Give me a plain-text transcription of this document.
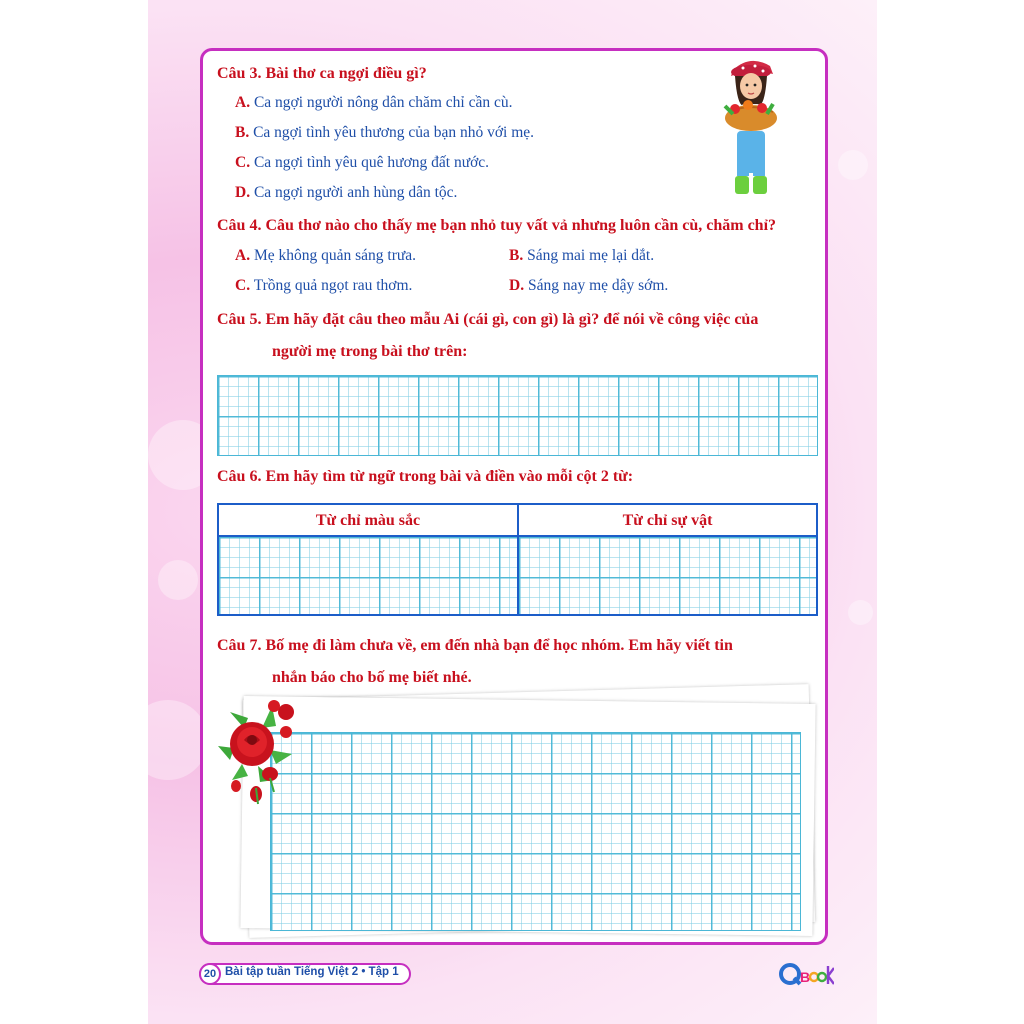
Câu 3. Bài thơ ca ngợi điều gì?
A. Ca ngợi người nông dân chăm chỉ cần cù.
B. Ca ngợi tình yêu thương của bạn nhỏ với mẹ.
C. Ca ngợi tình yêu quê hương đất nước.
D. Ca ngợi người anh hùng dân tộc.
Câu 4. Câu thơ nào cho thấy mẹ bạn nhỏ tuy vất vả nhưng luôn cần cù, chăm chỉ?
A. Mẹ không quản sáng trưa.	B. Sáng mai mẹ lại dắt.
C. Trồng quả ngọt rau thơm.	D. Sáng nay mẹ dậy sớm.
Câu 5. Em hãy đặt câu theo mẫu Ai (cái gì, con gì) là gì? để nói về công việc của
người mẹ trong bài thơ trên:
Câu 6. Em hãy tìm từ ngữ trong bài và điền vào mỗi cột 2 từ:
Từ chỉ màu sắc	Từ chỉ sự vật
Câu 7. Bố mẹ đi làm chưa về, em đến nhà bạn để học nhóm. Em hãy viết tin
nhắn báo cho bố mẹ biết nhé.
20 Bài tập tuần Tiếng Việt 2 • Tập 1	B
